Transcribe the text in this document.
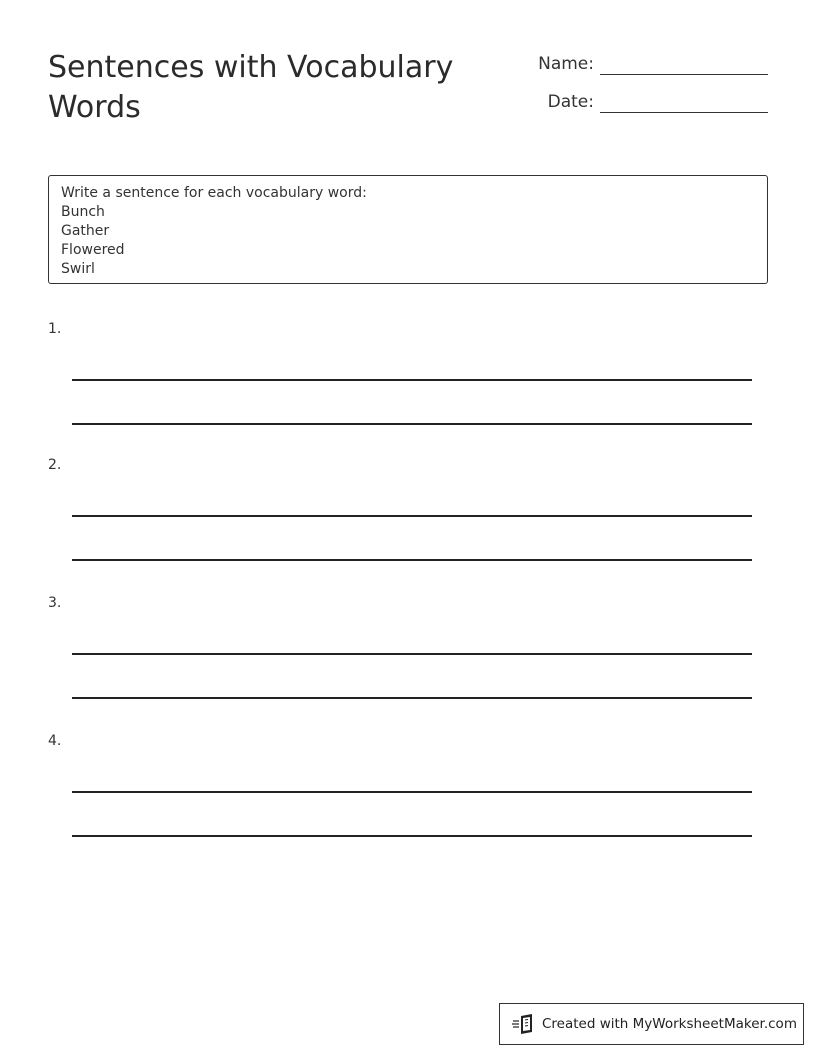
Sentences with Vocabulary Words
Name:
Date:
Write a sentence for each vocabulary word:
Bunch
Gather
Flowered
Swirl
1.
2.
3.
4.
Created with MyWorksheetMaker.com
